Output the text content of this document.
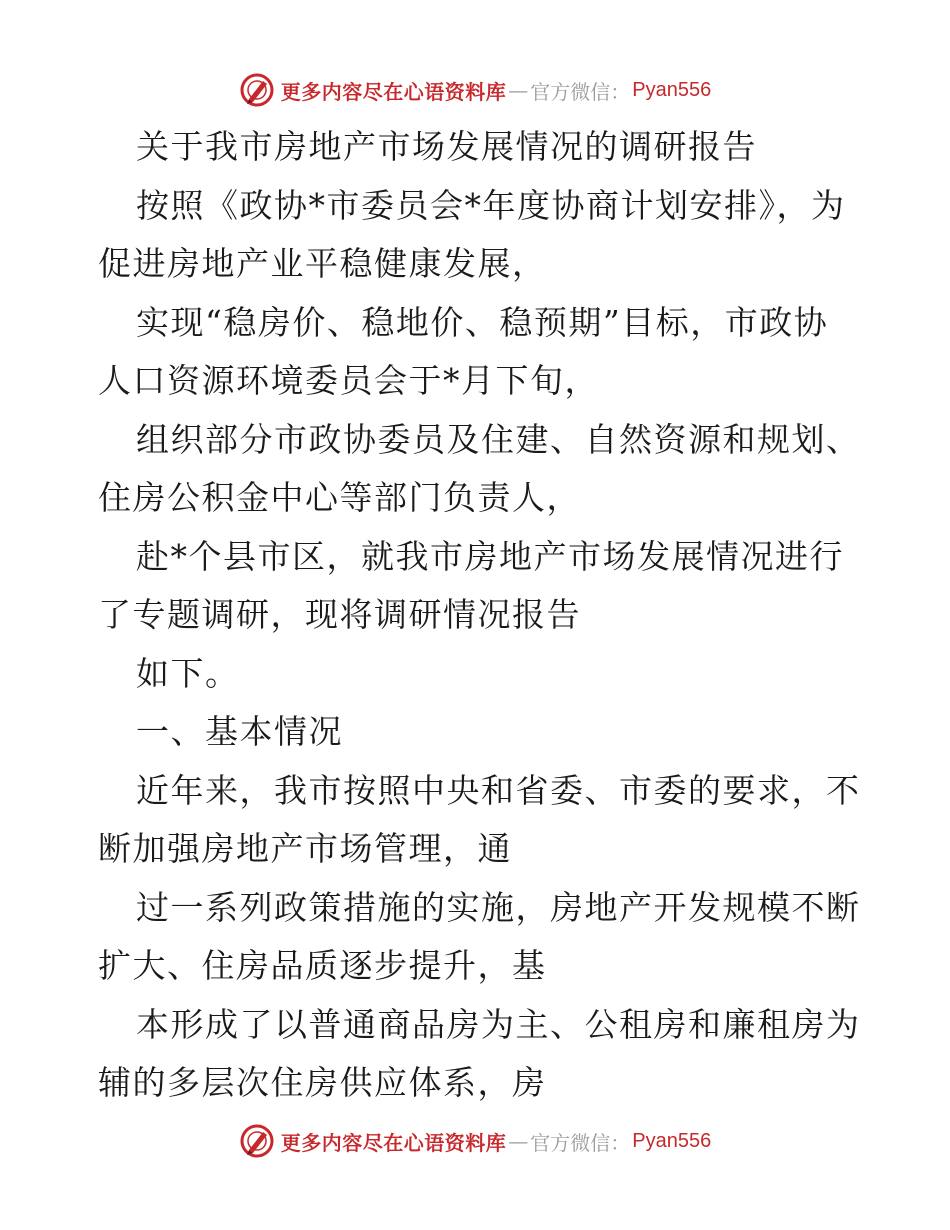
更多内容尽在心语资料库 — 官方微信： Pyan556

关于我市房地产市场发展情况的调研报告

按照《政协*市委员会*年度协商计划安排》，为

促进房地产业平稳健康发展，

实现“稳房价、稳地价、稳预期”目标，市政协

人口资源环境委员会于*月下旬，

组织部分市政协委员及住建、自然资源和规划、

住房公积金中心等部门负责人，

赴*个县市区，就我市房地产市场发展情况进行

了专题调研，现将调研情况报告

如下。

一、基本情况

近年来，我市按照中央和省委、市委的要求，不

断加强房地产市场管理，通

过一系列政策措施的实施，房地产开发规模不断

扩大、住房品质逐步提升，基

本形成了以普通商品房为主、公租房和廉租房为

辅的多层次住房供应体系，房

更多内容尽在心语资料库 — 官方微信： Pyan556
